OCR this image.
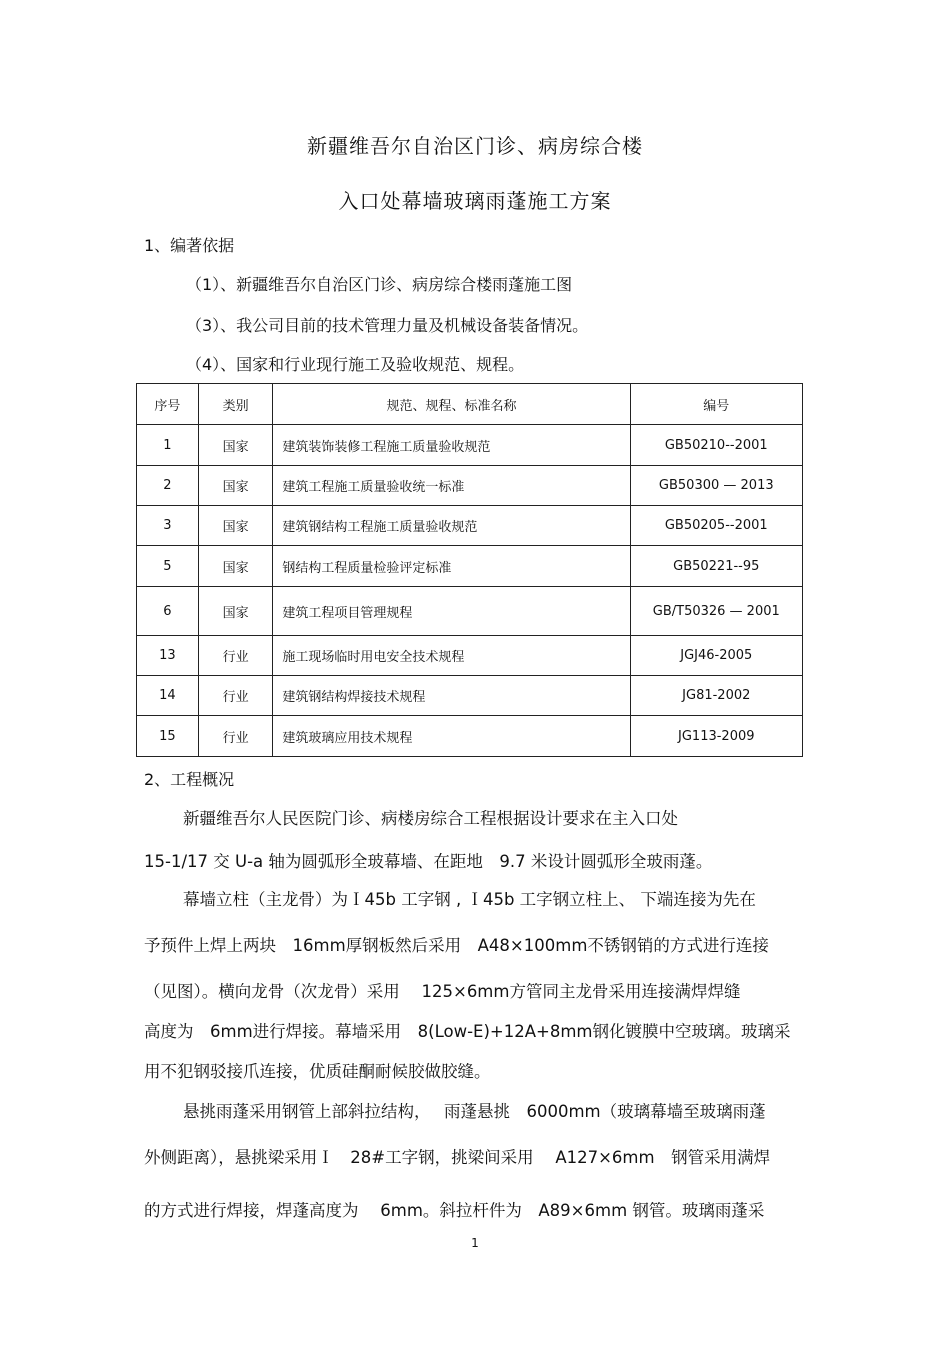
新疆维吾尔自治区门诊、病房综合楼
入口处幕墙玻璃雨蓬施工方案
1、编著依据

（1）、新疆维吾尔自治区门诊、病房综合楼雨蓬施工图

（3）、我公司目前的技术管理力量及机械设备装备情况。

（4）、国家和行业现行施工及验收规范、规程。

序号	类别	规范、规程、标准名称	编号
1	国家	建筑装饰装修工程施工质量验收规范	GB50210--2001
2	国家	建筑工程施工质量验收统一标准	GB50300 — 2013
3	国家	建筑钢结构工程施工质量验收规范	GB50205--2001
5	国家	钢结构工程质量检验评定标准	GB50221--95
6	国家	建筑工程项目管理规程	GB/T50326 — 2001
13	行业	施工现场临时用电安全技术规程	JGJ46-2005
14	行业	建筑钢结构焊接技术规程	JG81-2002
15	行业	建筑玻璃应用技术规程	JG113-2009
2、工程概况

新疆维吾尔人民医院门诊、病楼房综合工程根据设计要求在主入口处

15-1/17 交 U-a 轴为圆弧形全玻幕墙、在距地　9.7 米设计圆弧形全玻雨蓬。

幕墙立柱（主龙骨）为Ｉ45b 工字钢 , Ｉ45b 工字钢立柱上、 下端连接为先在

予预件上焊上两块　16mm厚钢板然后采用　A48×100mm不锈钢销的方式进行连接

（见图）。横向龙骨（次龙骨）采用　 125×6mm方管同主龙骨采用连接满焊焊缝

高度为　6mm进行焊接。幕墙采用　8(Low-E)+12A+8mm钢化镀膜中空玻璃。玻璃采

用不犯钢驳接爪连接，优质硅酮耐候胶做胶缝。

悬挑雨蓬采用钢管上部斜拉结构，　 雨蓬悬挑　6000mm（玻璃幕墙至玻璃雨蓬

外侧距离），悬挑梁采用Ｉ　28#工字钢，挑梁间采用　 A127×6mm　钢管采用满焊

的方式进行焊接，焊蓬高度为　 6mm。斜拉杆件为　A89×6mm 钢管。玻璃雨蓬采

1
